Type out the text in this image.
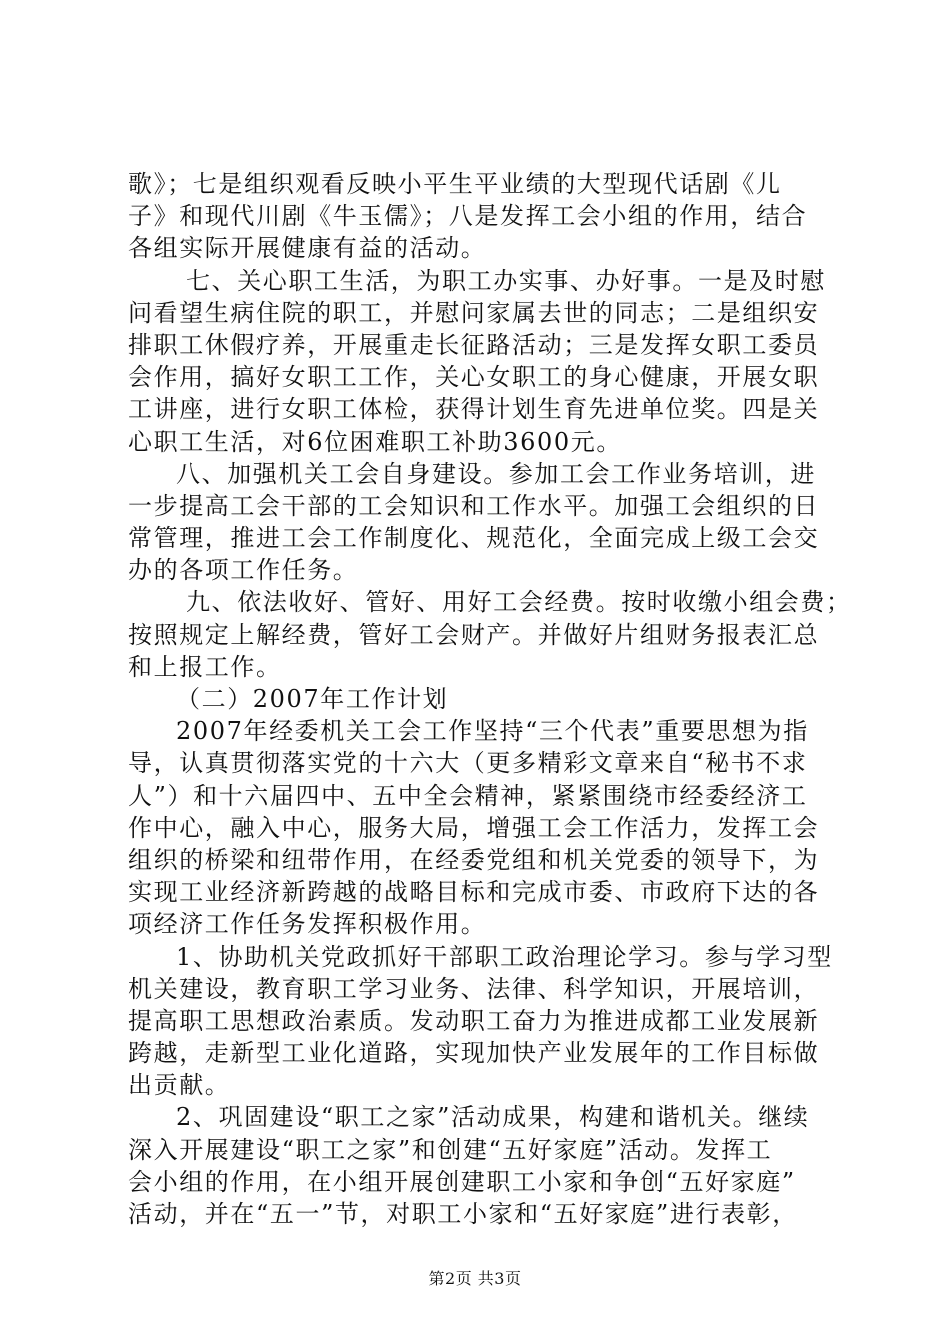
歌》；七是组织观看反映小平生平业绩的大型现代话剧《儿
子》和现代川剧《牛玉儒》；八是发挥工会小组的作用，结合
各组实际开展健康有益的活动。
七、关心职工生活，为职工办实事、办好事。一是及时慰
问看望生病住院的职工，并慰问家属去世的同志；二是组织安
排职工休假疗养，开展重走长征路活动；三是发挥女职工委员
会作用，搞好女职工工作，关心女职工的身心健康，开展女职
工讲座，进行女职工体检，获得计划生育先进单位奖。四是关
心职工生活，对6位困难职工补助3600元。
八、加强机关工会自身建设。参加工会工作业务培训，进
一步提高工会干部的工会知识和工作水平。加强工会组织的日
常管理，推进工会工作制度化、规范化，全面完成上级工会交
办的各项工作任务。
九、依法收好、管好、用好工会经费。按时收缴小组会费；
按照规定上解经费，管好工会财产。并做好片组财务报表汇总
和上报工作。
（二）2007年工作计划
2007年经委机关工会工作坚持“三个代表”重要思想为指
导，认真贯彻落实党的十六大（更多精彩文章来自“秘书不求
人”）和十六届四中、五中全会精神，紧紧围绕市经委经济工
作中心，融入中心，服务大局，增强工会工作活力，发挥工会
组织的桥梁和纽带作用，在经委党组和机关党委的领导下，为
实现工业经济新跨越的战略目标和完成市委、市政府下达的各
项经济工作任务发挥积极作用。
1、协助机关党政抓好干部职工政治理论学习。参与学习型
机关建设，教育职工学习业务、法律、科学知识，开展培训，
提高职工思想政治素质。发动职工奋力为推进成都工业发展新
跨越，走新型工业化道路，实现加快产业发展年的工作目标做
出贡献。
2、巩固建设“职工之家”活动成果，构建和谐机关。继续
深入开展建设“职工之家”和创建“五好家庭”活动。发挥工
会小组的作用，在小组开展创建职工小家和争创“五好家庭”
活动，并在“五一”节，对职工小家和“五好家庭”进行表彰，
第2页 共3页
